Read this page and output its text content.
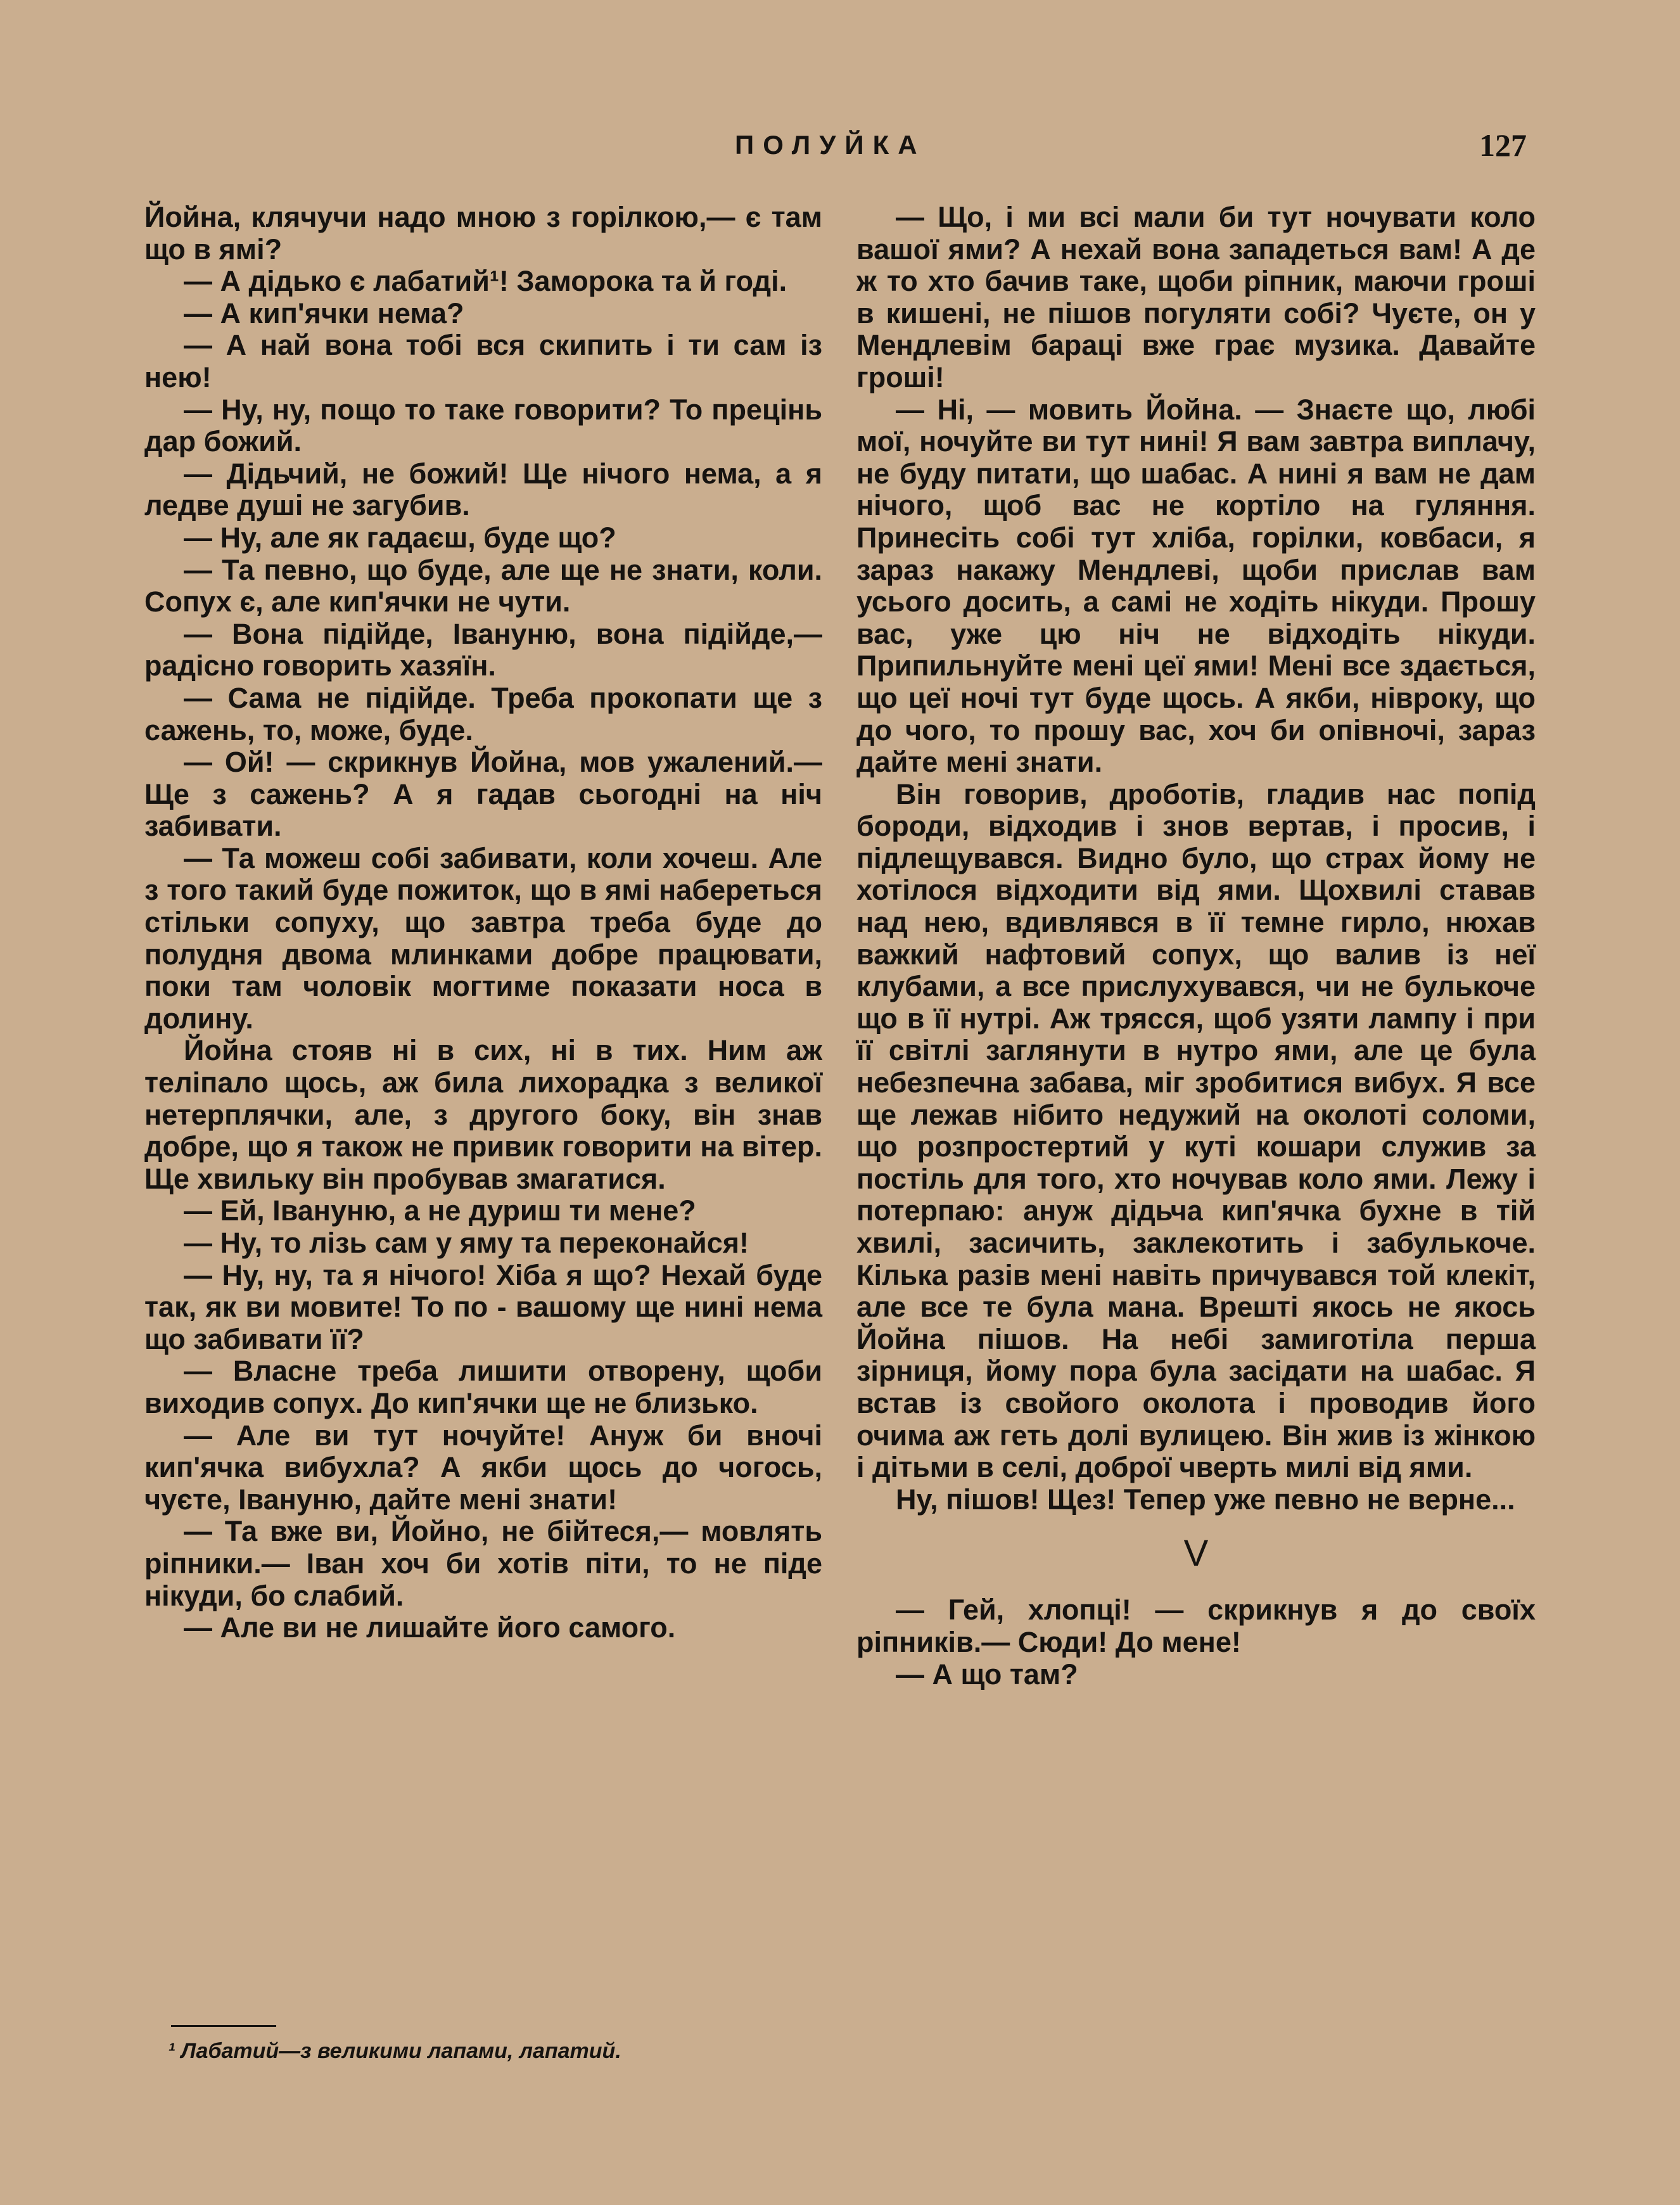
ПОЛУЙКА	127

Йойна, клячучи надо мною з горілкою,— є там що в ямі?

— А дідько є лабатий¹! Заморока та й годі.

— А кип'ячки нема?

— А най вона тобі вся скипить і ти сам із нею!

— Ну, ну, пощо то таке говорити? То прецінь дар божий.

— Дідьчий, не божий! Ще нічого нема, а я ледве душі не загубив.

— Ну, але як гадаєш, буде що?

— Та певно, що буде, але ще не знати, коли. Сопух є, але кип'ячки не чути.

— Вона підійде, Івануню, вона підійде,— радісно говорить хазяїн.

— Сама не підійде. Треба прокопати ще з сажень, то, може, буде.

— Ой! — скрикнув Йойна, мов ужалений.— Ще з сажень? А я гадав сьогодні на ніч забивати.

— Та можеш собі забивати, коли хочеш. Але з того такий буде пожиток, що в ямі набереться стільки сопуху, що завтра треба буде до полудня двома млинками добре працювати, поки там чоловік могтиме показати носа в долину.

Йойна стояв ні в сих, ні в тих. Ним аж теліпало щось, аж била лихорадка з великої нетерплячки, але, з другого боку, він знав добре, що я також не привик говорити на вітер. Ще хвильку він пробував змагатися.

— Ей, Івануню, а не дуриш ти мене?

— Ну, то лізь сам у яму та переконайся!

— Ну, ну, та я нічого! Хіба я що? Нехай буде так, як ви мовите! То по - вашому ще нині нема що забивати її?

— Власне треба лишити отворену, щоби виходив сопух. До кип'ячки ще не близько.

— Але ви тут ночуйте! Ануж би вночі кип'ячка вибухла? А якби щось до чогось, чуєте, Івануню, дайте мені знати!

— Та вже ви, Йойно, не бійтеся,— мовлять ріпники.— Іван хоч би хотів піти, то не піде нікуди, бо слабий.

— Але ви не лишайте його самого.

— Що, і ми всі мали би тут ночувати коло вашої ями? А нехай вона западеться вам! А де ж то хто бачив таке, щоби ріпник, маючи гроші в кишені, не пішов погуляти собі? Чуєте, он у Мендлевім бараці вже грає музика. Давайте гроші!

— Ні, — мовить Йойна. — Знаєте що, любі мої, ночуйте ви тут нині! Я вам завтра виплачу, не буду питати, що шабас. А нині я вам не дам нічого, щоб вас не кортіло на гуляння. Принесіть собі тут хліба, горілки, ковбаси, я зараз накажу Мендлеві, щоби прислав вам усього досить, а самі не ходіть нікуди. Прошу вас, уже цю ніч не відходіть нікуди. Припильнуйте мені цеї ями! Мені все здається, що цеї ночі тут буде щось. А якби, нівроку, що до чого, то прошу вас, хоч би опівночі, зараз дайте мені знати.

Він говорив, дроботів, гладив нас попід бороди, відходив і знов вертав, і просив, і підлещувався. Видно було, що страх йому не хотілося відходити від ями. Щохвилі ставав над нею, вдивлявся в її темне гирло, нюхав важкий нафтовий сопух, що валив із неї клубами, а все прислухувався, чи не булькоче що в її нутрі. Аж трясся, щоб узяти лампу і при її світлі заглянути в нутро ями, але це була небезпечна забава, міг зробитися вибух. Я все ще лежав нібито недужий на околоті соломи, що розпростертий у куті кошари служив за постіль для того, хто ночував коло ями. Лежу і потерпаю: ануж дідьча кип'ячка бухне в тій хвилі, засичить, заклекотить і забулькоче. Кілька разів мені навіть причувався той клекіт, але все те була мана. Врешті якось не якось Йойна пішов. На небі замиготіла перша зірниця, йому пора була засідати на шабас. Я встав із свойого околота і проводив його очима аж геть долі вулицею. Він жив із жінкою і дітьми в селі, доброї чверть милі від ями.

Ну, пішов! Щез! Тепер уже певно не верне...

V

— Гей, хлопці! — скрикнув я до своїх ріпників.— Сюди! До мене!

— А що там?

¹ Лабатий—з великими лапами, лапатий.
